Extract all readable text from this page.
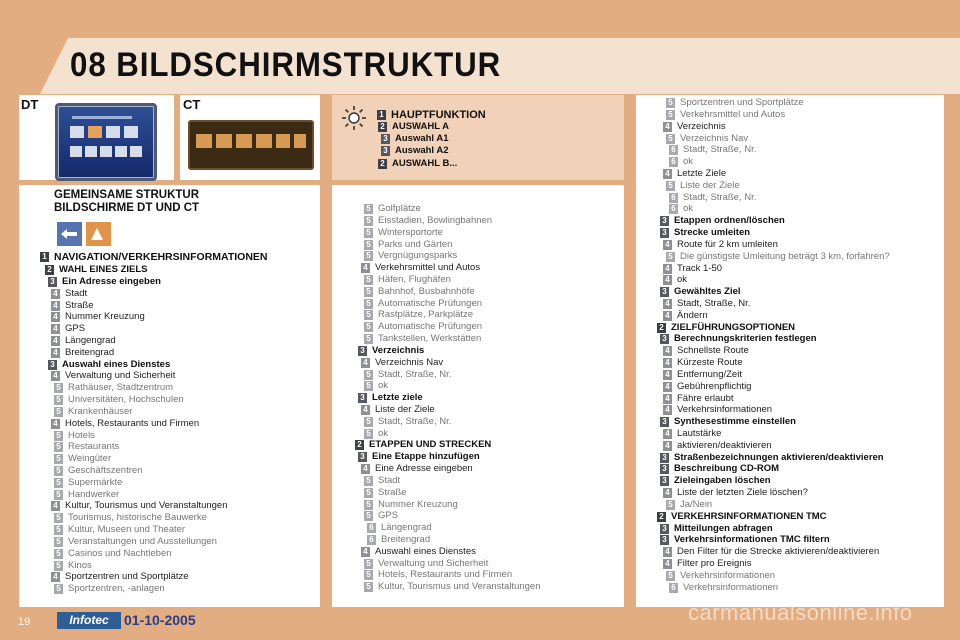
08 BILDSCHIRMSTRUKTUR
DT	CT
1 HAUPTFUNKTION
2 AUSWAHL A
3 Auswahl A1
3 Auswahl A2
2 AUSWAHL B...
GEMEINSAME STRUKTUR
BILDSCHIRME DT UND CT
1 NAVIGATION/VERKEHRSINFORMATIONEN
2 WAHL EINES ZIELS
3 Ein Adresse eingeben
4 Stadt
4 Straße
4 Nummer Kreuzung
4 GPS
4 Längengrad
4 Breitengrad
3 Auswahl eines Dienstes
4 Verwaltung und Sicherheit
5 Rathäuser, Stadtzentrum
5 Universitäten, Hochschulen
5 Krankenhäuser
4 Hotels, Restaurants und Firmen
5 Hotels
5 Restaurants
5 Weingüter
5 Geschäftszentren
5 Supermärkte
5 Handwerker
4 Kultur, Tourismus und Veranstaltungen
5 Tourismus, historische Bauwerke
5 Kultur, Museen und Theater
5 Veranstaltungen und Ausstellungen
5 Casinos und Nachtleben
5 Kinos
4 Sportzentren und Sportplätze
5 Sportzentren, -anlagen
5 Golfplätze
5 Eisstadien, Bowlingbahnen
5 Wintersportorte
5 Parks und Gärten
5 Vergnügungsparks
4 Verkehrsmittel und Autos
5 Häfen, Flughäfen
5 Bahnhof, Busbahnhöfe
5 Automatische Prüfungen
5 Rastplätze, Parkplätze
5 Automatische Prüfungen
5 Tankstellen, Werkstätten
3 Verzeichnis
4 Verzeichnis Nav
5 Stadt, Straße, Nr.
5 ok
3 Letzte ziele
4 Liste der Ziele
5 Stadt, Straße, Nr.
5 ok
2 ETAPPEN UND STRECKEN
3 Eine Etappe hinzufügen
4 Eine Adresse eingeben
5 Stadt
5 Straße
5 Nummer Kreuzung
5 GPS
6 Längengrad
6 Breitengrad
4 Auswahl eines Dienstes
5 Verwaltung und Sicherheit
5 Hotels, Restaurants und Firmen
5 Kultur, Tourismus und Veranstaltungen
5 Sportzentren und Sportplätze
5 Verkehrsmittel und Autos
4 Verzeichnis
5 Verzeichnis Nav
6 Stadt, Straße, Nr.
6 ok
4 Letzte Ziele
5 Liste der Ziele
6 Stadt, Straße, Nr.
6 ok
3 Etappen ordnen/löschen
3 Strecke umleiten
4 Route für 2 km umleiten
5 Die günstigste Umleitung beträgt 3 km, forfahren?
4 Track 1-50
4 ok
3 Gewähltes Ziel
4 Stadt, Straße, Nr.
4 Ändern
2 ZIELFÜHRUNGSOPTIONEN
3 Berechnungskriterien festlegen
4 Schnellste Route
4 Kürzeste Route
4 Entfernung/Zeit
4 Gebührenpflichtig
4 Fähre erlaubt
4 Verkehrsinformationen
3 Synthesestimme einstellen
4 Lautstärke
4 aktivieren/deaktivieren
3 Straßenbezeichnungen aktivieren/deaktivieren
3 Beschreibung CD-ROM
3 Zieleingaben löschen
4 Liste der letzten Ziele löschen?
5 Ja/Nein
2 VERKEHRSINFORMATIONEN TMC
3 Mitteilungen abfragen
3 Verkehrsinformationen TMC filtern
4 Den Filter für die Strecke aktivieren/deaktivieren
4 Filter pro Ereignis
5 Verkehrsinformationen
6 Verkehrsinformationen
19	Infotec	01-10-2005	carmanualsonline.info
